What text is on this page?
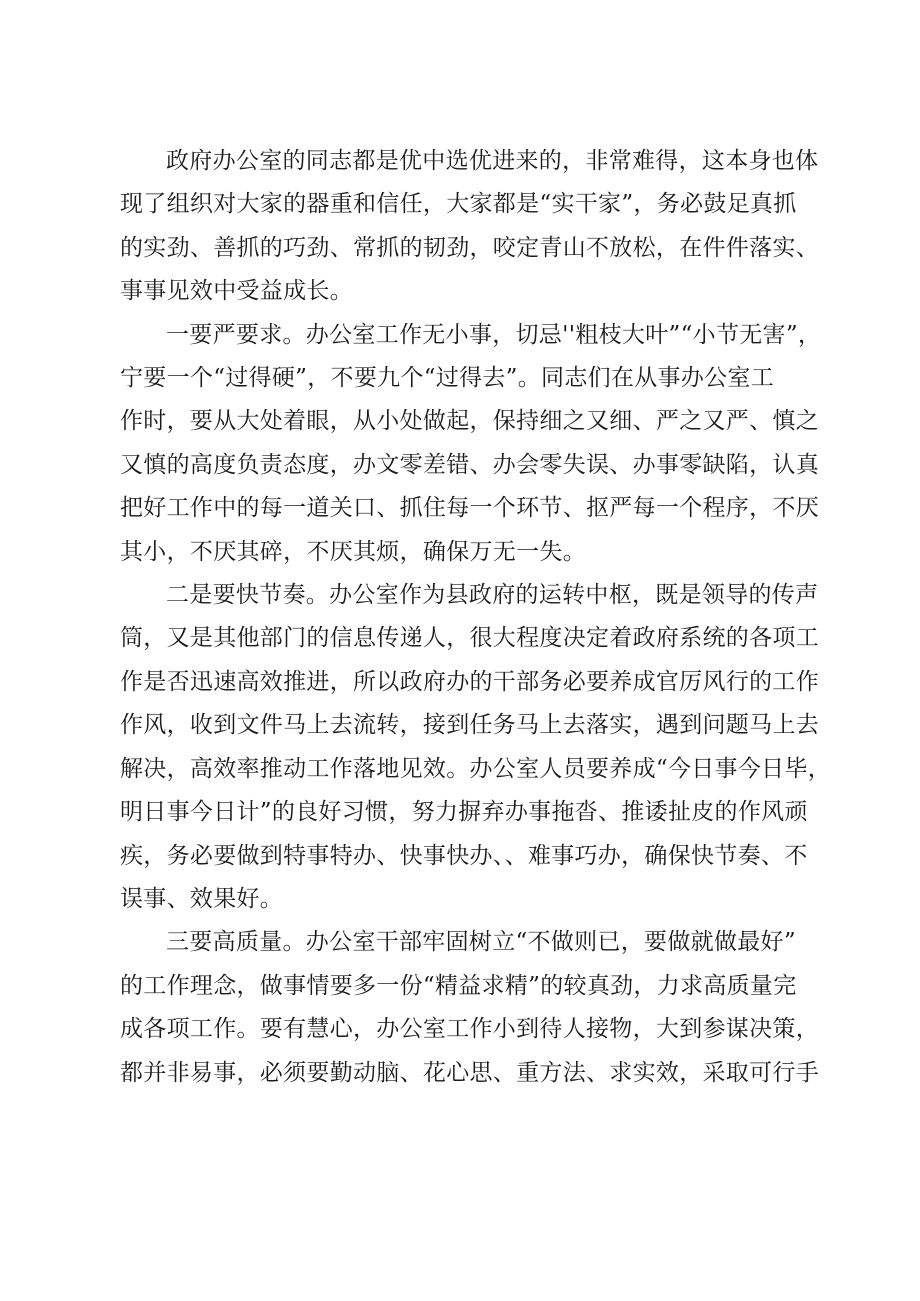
政府办公室的同志都是优中选优进来的，非常难得，这本身也体
现了组织对大家的器重和信任，大家都是“实干家”，务必鼓足真抓
的实劲、善抓的巧劲、常抓的韧劲，咬定青山不放松，在件件落实、
事事见效中受益成长。

一要严要求。办公室工作无小事，切忌''粗枝大叶”“小节无害”，
宁要一个“过得硬”，不要九个“过得去”。同志们在从事办公室工
作时，要从大处着眼，从小处做起，保持细之又细、严之又严、慎之
又慎的高度负责态度，办文零差错、办会零失误、办事零缺陷，认真
把好工作中的每一道关口、抓住每一个环节、抠严每一个程序，不厌
其小，不厌其碎，不厌其烦，确保万无一失。

二是要快节奏。办公室作为县政府的运转中枢，既是领导的传声
筒，又是其他部门的信息传递人，很大程度决定着政府系统的各项工
作是否迅速高效推进，所以政府办的干部务必要养成官厉风行的工作
作风，收到文件马上去流转，接到任务马上去落实，遇到问题马上去
解决，高效率推动工作落地见效。办公室人员要养成“今日事今日毕，
明日事今日计”的良好习惯，努力摒弃办事拖沓、推诿扯皮的作风顽
疾，务必要做到特事特办、快事快办、、难事巧办，确保快节奏、不
误事、效果好。

三要高质量。办公室干部牢固树立“不做则已，要做就做最好”
的工作理念，做事情要多一份“精益求精”的较真劲，力求高质量完
成各项工作。要有慧心，办公室工作小到待人接物，大到参谋决策，
都并非易事，必须要勤动脑、花心思、重方法、求实效，采取可行手
